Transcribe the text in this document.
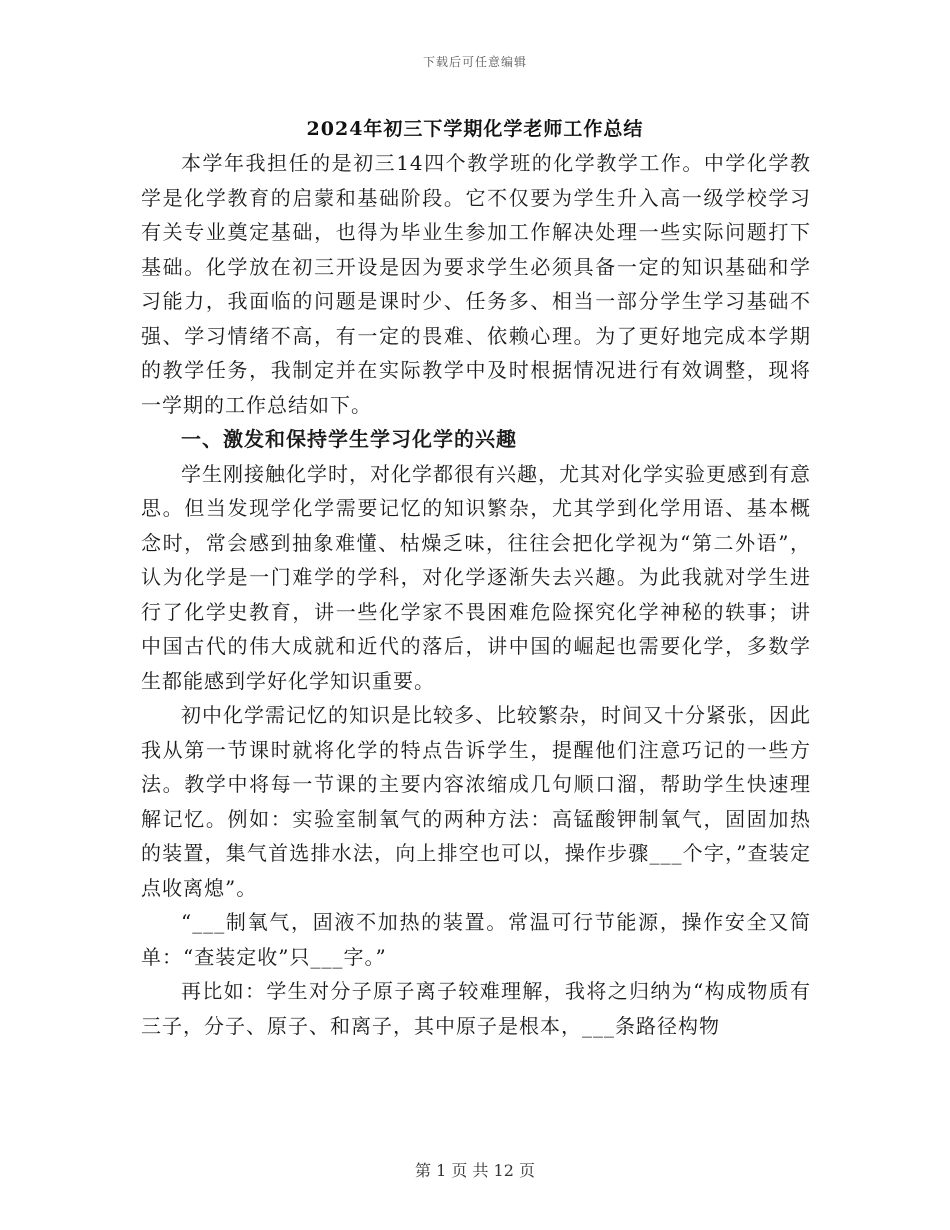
下载后可任意编辑
2024年初三下学期化学老师工作总结

本学年我担任的是初三14四个教学班的化学教学工作。中学化学教学是化学教育的启蒙和基础阶段。它不仅要为学生升入高一级学校学习有关专业奠定基础，也得为毕业生参加工作解决处理一些实际问题打下基础。化学放在初三开设是因为要求学生必须具备一定的知识基础和学习能力，我面临的问题是课时少、任务多、相当一部分学生学习基础不强、学习情绪不高，有一定的畏难、依赖心理。为了更好地完成本学期的教学任务，我制定并在实际教学中及时根据情况进行有效调整，现将一学期的工作总结如下。

一、激发和保持学生学习化学的兴趣

学生刚接触化学时，对化学都很有兴趣，尤其对化学实验更感到有意思。但当发现学化学需要记忆的知识繁杂，尤其学到化学用语、基本概念时，常会感到抽象难懂、枯燥乏味，往往会把化学视为“第二外语”，认为化学是一门难学的学科，对化学逐渐失去兴趣。为此我就对学生进行了化学史教育，讲一些化学家不畏困难危险探究化学神秘的轶事；讲中国古代的伟大成就和近代的落后，讲中国的崛起也需要化学，多数学生都能感到学好化学知识重要。

初中化学需记忆的知识是比较多、比较繁杂，时间又十分紧张，因此我从第一节课时就将化学的特点告诉学生，提醒他们注意巧记的一些方法。教学中将每一节课的主要内容浓缩成几句顺口溜，帮助学生快速理解记忆。例如：实验室制氧气的两种方法：高锰酸钾制氧气，固固加热的装置，集气首选排水法，向上排空也可以，操作步骤___个字，”查装定点收离熄”。

“___制氧气，固液不加热的装置。常温可行节能源，操作安全又简单：“查装定收”只___字。”

再比如：学生对分子原子离子较难理解，我将之归纳为“构成物质有三子，分子、原子、和离子，其中原子是根本，___条路径构物

第 1 页 共 12 页
